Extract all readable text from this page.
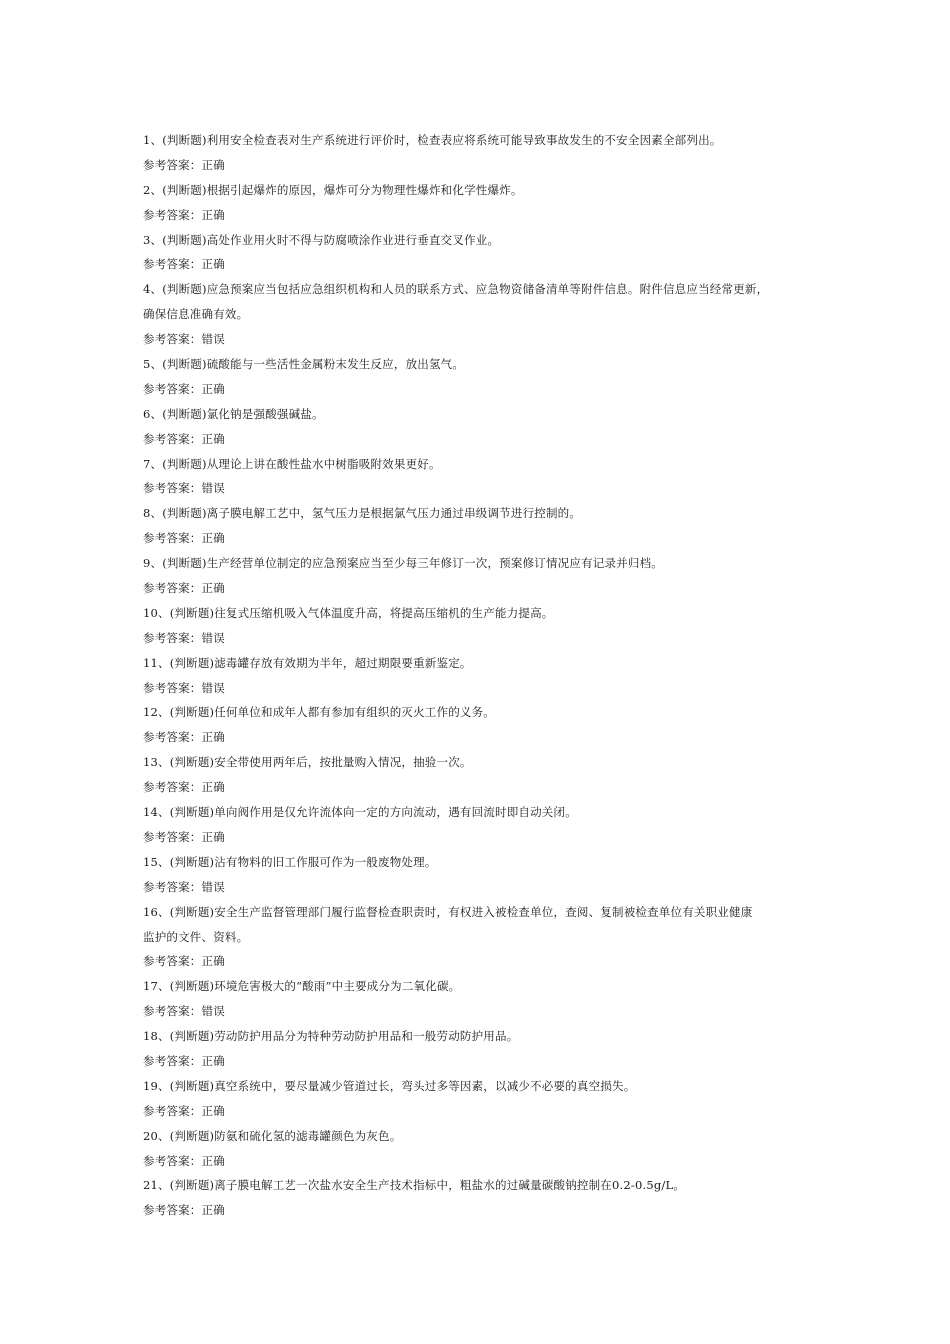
1、(判断题)利用安全检查表对生产系统进行评价时，检查表应将系统可能导致事故发生的不安全因素全部列出。
参考答案：正确
2、(判断题)根据引起爆炸的原因，爆炸可分为物理性爆炸和化学性爆炸。
参考答案：正确
3、(判断题)高处作业用火时不得与防腐喷涂作业进行垂直交叉作业。
参考答案：正确
4、(判断题)应急预案应当包括应急组织机构和人员的联系方式、应急物资储备清单等附件信息。附件信息应当经常更新，
确保信息准确有效。
参考答案：错误
5、(判断题)硫酸能与一些活性金属粉末发生反应，放出氢气。
参考答案：正确
6、(判断题)氯化钠是强酸强碱盐。
参考答案：正确
7、(判断题)从理论上讲在酸性盐水中树脂吸附效果更好。
参考答案：错误
8、(判断题)离子膜电解工艺中，氢气压力是根据氯气压力通过串级调节进行控制的。
参考答案：正确
9、(判断题)生产经营单位制定的应急预案应当至少每三年修订一次，预案修订情况应有记录并归档。
参考答案：正确
10、(判断题)往复式压缩机吸入气体温度升高，将提高压缩机的生产能力提高。
参考答案：错误
11、(判断题)滤毒罐存放有效期为半年，超过期限要重新鉴定。
参考答案：错误
12、(判断题)任何单位和成年人都有参加有组织的灭火工作的义务。
参考答案：正确
13、(判断题)安全带使用两年后，按批量购入情况，抽验一次。
参考答案：正确
14、(判断题)单向阀作用是仅允许流体向一定的方向流动，遇有回流时即自动关闭。
参考答案：正确
15、(判断题)沾有物料的旧工作服可作为一般废物处理。
参考答案：错误
16、(判断题)安全生产监督管理部门履行监督检查职责时，有权进入被检查单位，查阅、复制被检查单位有关职业健康
监护的文件、资料。
参考答案：正确
17、(判断题)环境危害极大的“酸雨”中主要成分为二氧化碳。
参考答案：错误
18、(判断题)劳动防护用品分为特种劳动防护用品和一般劳动防护用品。
参考答案：正确
19、(判断题)真空系统中，要尽量减少管道过长，弯头过多等因素，以减少不必要的真空损失。
参考答案：正确
20、(判断题)防氨和硫化氢的滤毒罐颜色为灰色。
参考答案：正确
21、(判断题)离子膜电解工艺一次盐水安全生产技术指标中，粗盐水的过碱量碳酸钠控制在0.2-0.5g/L。
参考答案：正确
